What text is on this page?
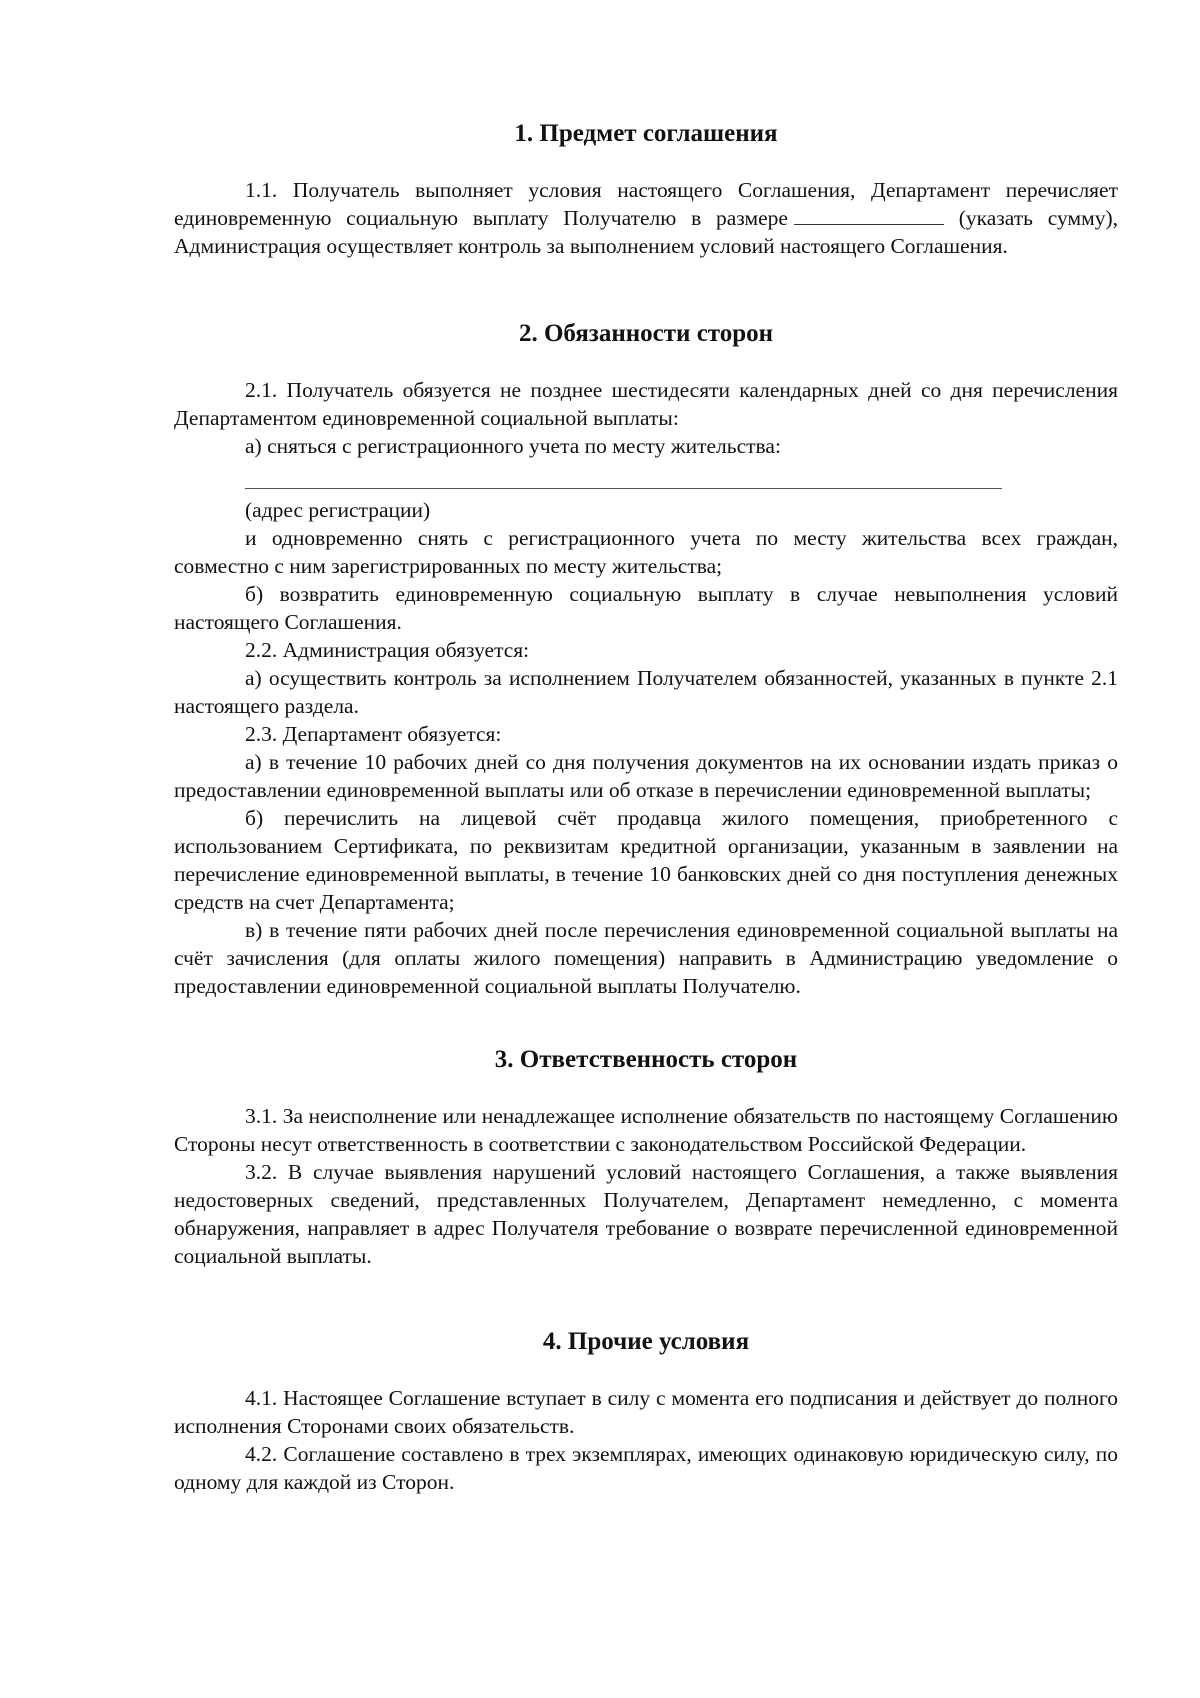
1. Предмет соглашения

1.1. Получатель выполняет условия настоящего Соглашения, Департамент перечисляет единовременную социальную выплату Получателю в размере	(указать сумму), Администрация осуществляет контроль за выполнением условий настоящего Соглашения.

2. Обязанности сторон

2.1. Получатель обязуется не позднее шестидесяти календарных дней со дня перечисления Департаментом единовременной социальной выплаты:

а) сняться с регистрационного учета по месту жительства:

(адрес регистрации)

и одновременно снять с регистрационного учета по месту жительства всех граждан, совместно с ним зарегистрированных по месту жительства;

б) возвратить единовременную социальную выплату в случае невыполнения условий настоящего Соглашения.

2.2. Администрация обязуется:

а) осуществить контроль за исполнением Получателем обязанностей, указанных в пункте 2.1 настоящего раздела.

2.3. Департамент обязуется:

а) в течение 10 рабочих дней со дня получения документов на их основании издать приказ о предоставлении единовременной выплаты или об отказе в перечислении единовременной выплаты;

б) перечислить на лицевой счёт продавца жилого помещения, приобретенного с использованием Сертификата, по реквизитам кредитной организации, указанным в заявлении на перечисление единовременной выплаты, в течение 10 банковских дней со дня поступления денежных средств на счет Департамента;

в) в течение пяти рабочих дней после перечисления единовременной социальной выплаты на счёт зачисления (для оплаты жилого помещения) направить в Администрацию уведомление о предоставлении единовременной социальной выплаты Получателю.

3. Ответственность сторон

3.1. За неисполнение или ненадлежащее исполнение обязательств по настоящему Соглашению Стороны несут ответственность в соответствии с законодательством Российской Федерации.

3.2. В случае выявления нарушений условий настоящего Соглашения, а также выявления недостоверных сведений, представленных Получателем, Департамент немедленно, с момента обнаружения, направляет в адрес Получателя требование о возврате перечисленной единовременной социальной выплаты.

4. Прочие условия

4.1. Настоящее Соглашение вступает в силу с момента его подписания и действует до полного исполнения Сторонами своих обязательств.

4.2. Соглашение составлено в трех экземплярах, имеющих одинаковую юридическую силу, по одному для каждой из Сторон.
